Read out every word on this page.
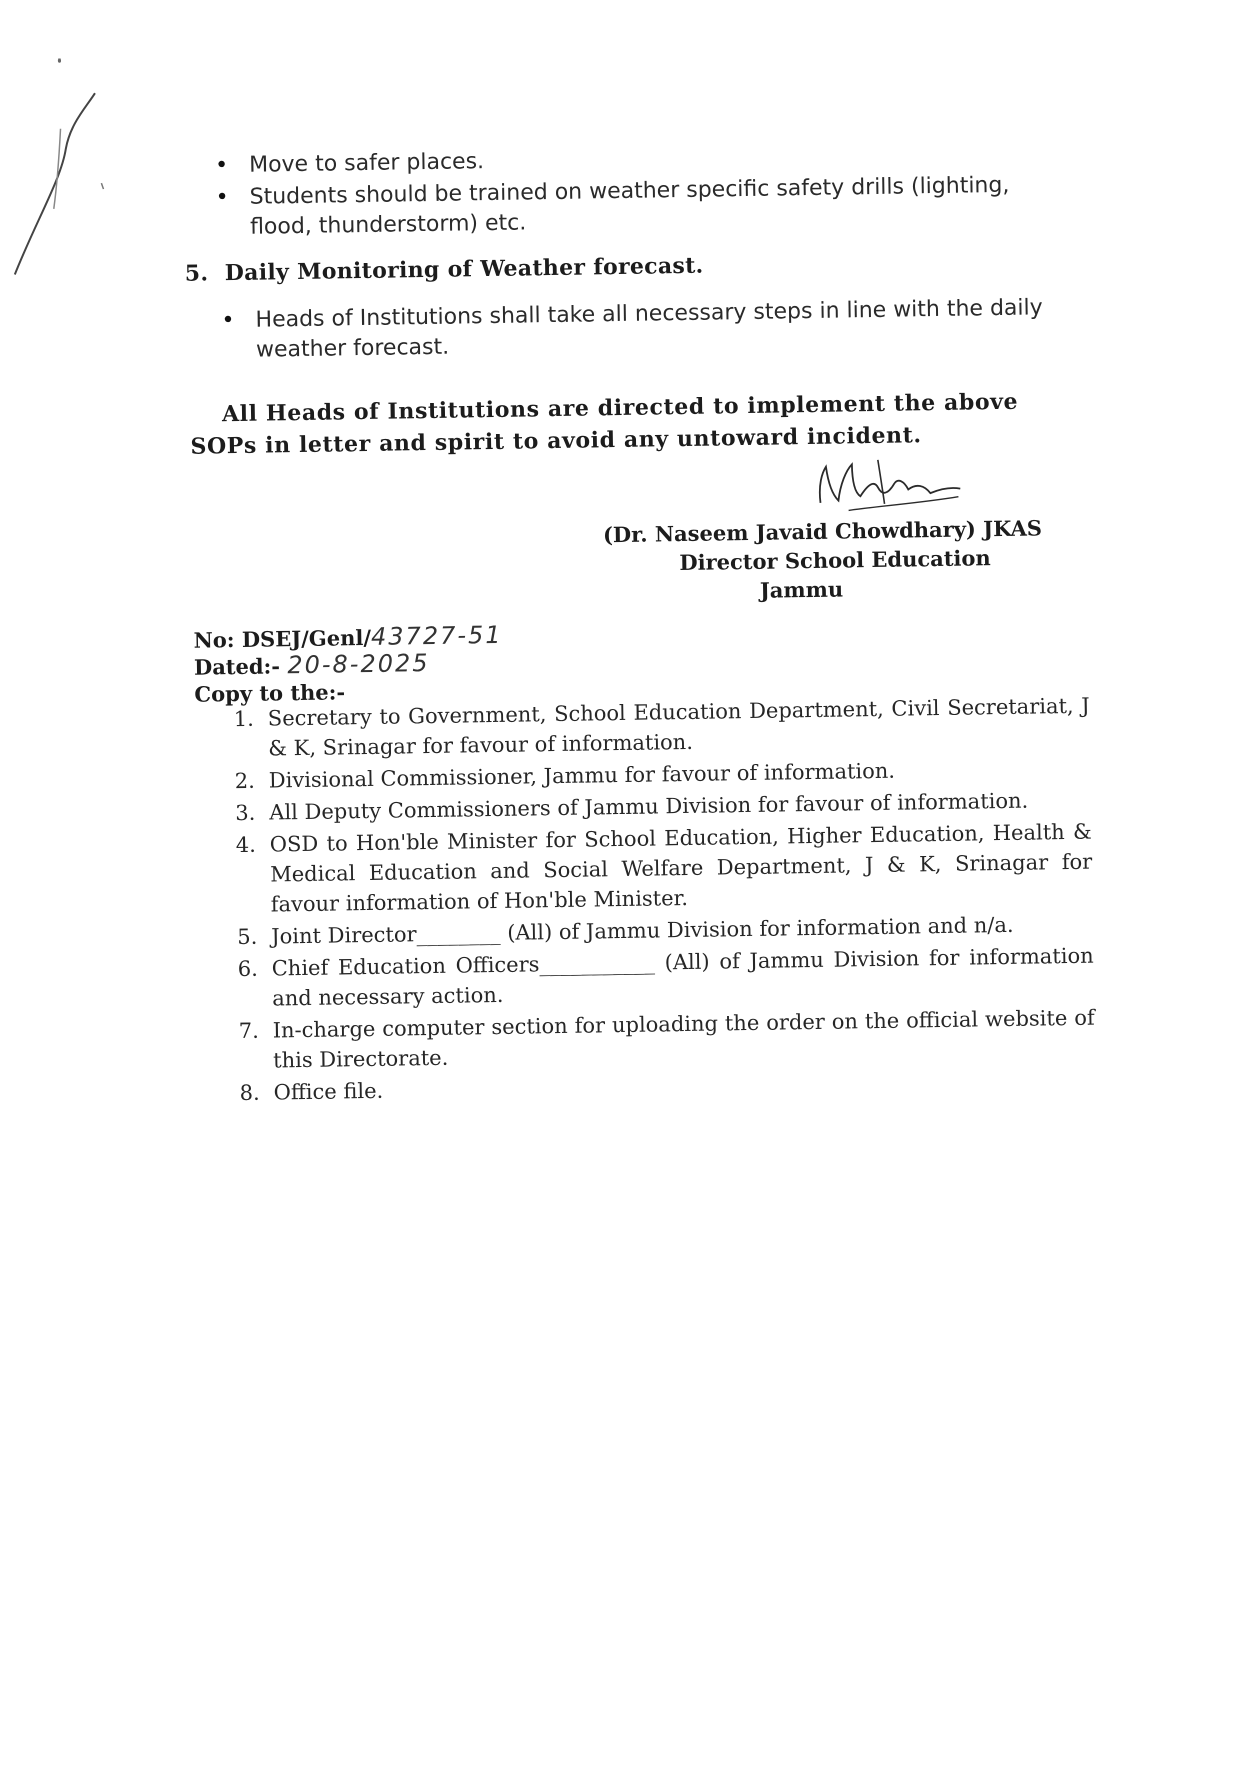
• Move to safer places.
• Students should be trained on weather specific safety drills (lighting, flood, thunderstorm) etc.
5. Daily Monitoring of Weather forecast.
• Heads of Institutions shall take all necessary steps in line with the daily weather forecast.
All Heads of Institutions are directed to implement the above SOPs in letter and spirit to avoid any untoward incident.
(Dr. Naseem Javaid Chowdhary) JKAS
Director School Education
Jammu
No: DSEJ/Genl/43727-51
Dated:- 20-8-2025
Copy to the:-
1. Secretary to Government, School Education Department, Civil Secretariat, J & K, Srinagar for favour of information.
2. Divisional Commissioner, Jammu for favour of information.
3. All Deputy Commissioners of Jammu Division for favour of information.
4. OSD to Hon'ble Minister for School Education, Higher Education, Health & Medical Education and Social Welfare Department, J & K, Srinagar for favour information of Hon'ble Minister.
5. Joint Director________ (All) of Jammu Division for information and n/a.
6. Chief Education Officers___________ (All) of Jammu Division for information and necessary action.
7. In-charge computer section for uploading the order on the official website of this Directorate.
8. Office file.
